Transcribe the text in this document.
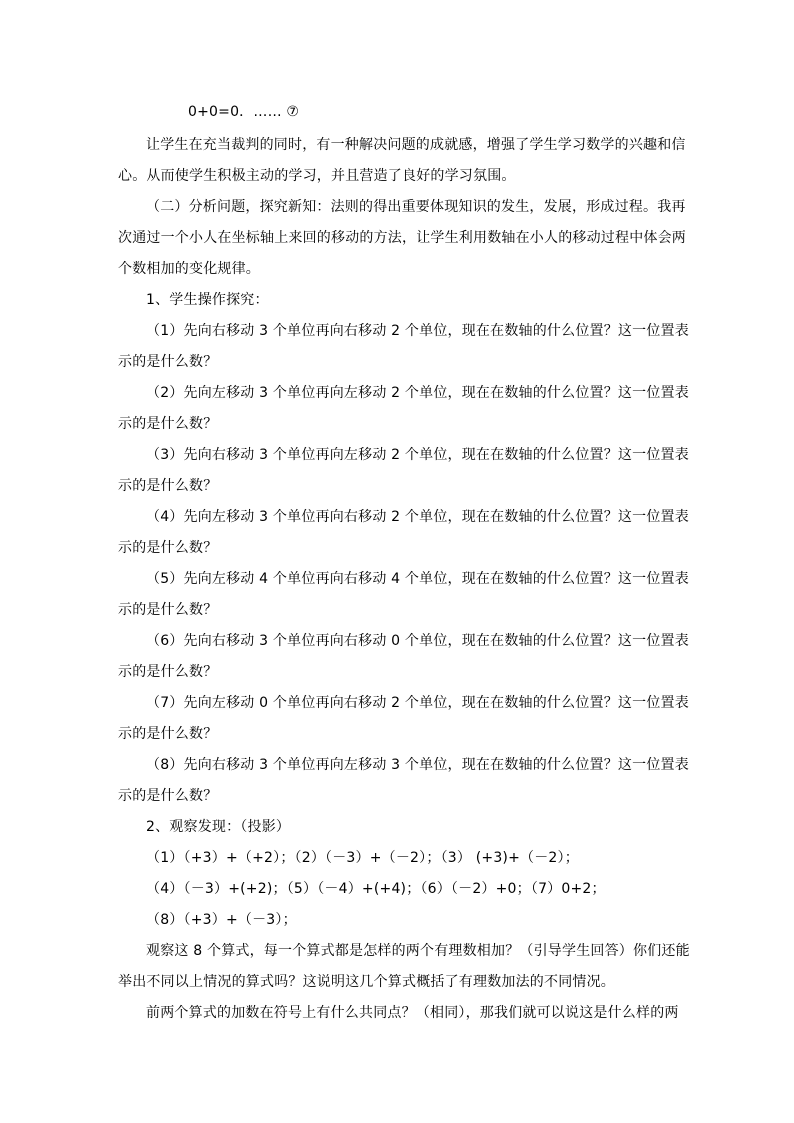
0+0=0．…… ⑦
让学生在充当裁判的同时，有一种解决问题的成就感，增强了学生学习数学的兴趣和信
心。从而使学生积极主动的学习，并且营造了良好的学习氛围。
（二）分析问题，探究新知：法则的得出重要体现知识的发生，发展，形成过程。我再
次通过一个小人在坐标轴上来回的移动的方法，让学生利用数轴在小人的移动过程中体会两
个数相加的变化规律。
1、学生操作探究：
（1）先向右移动 3 个单位再向右移动 2 个单位，现在在数轴的什么位置？这一位置表
示的是什么数？
（2）先向左移动 3 个单位再向左移动 2 个单位，现在在数轴的什么位置？这一位置表
示的是什么数？
（3）先向右移动 3 个单位再向左移动 2 个单位，现在在数轴的什么位置？这一位置表
示的是什么数？
（4）先向左移动 3 个单位再向右移动 2 个单位，现在在数轴的什么位置？这一位置表
示的是什么数？
（5）先向左移动 4 个单位再向右移动 4 个单位，现在在数轴的什么位置？这一位置表
示的是什么数？
（6）先向右移动 3 个单位再向右移动 0 个单位，现在在数轴的什么位置？这一位置表
示的是什么数？
（7）先向左移动 0 个单位再向右移动 2 个单位，现在在数轴的什么位置？这一位置表
示的是什么数？
（8）先向右移动 3 个单位再向左移动 3 个单位，现在在数轴的什么位置？这一位置表
示的是什么数？
2、观察发现：（投影）
（1）（+3）+（+2）；（2）（－3）+（－2）；（3） (+3)+（－2）；
（4）（－3）+(+2)；（5）（－4）+(+4)；（6）（－2）+0；（7）0+2；
（8）（+3）+（－3）；
观察这 8 个算式，每一个算式都是怎样的两个有理数相加？（引导学生回答）你们还能
举出不同以上情况的算式吗？这说明这几个算式概括了有理数加法的不同情况。
前两个算式的加数在符号上有什么共同点？（相同），那我们就可以说这是什么样的两
